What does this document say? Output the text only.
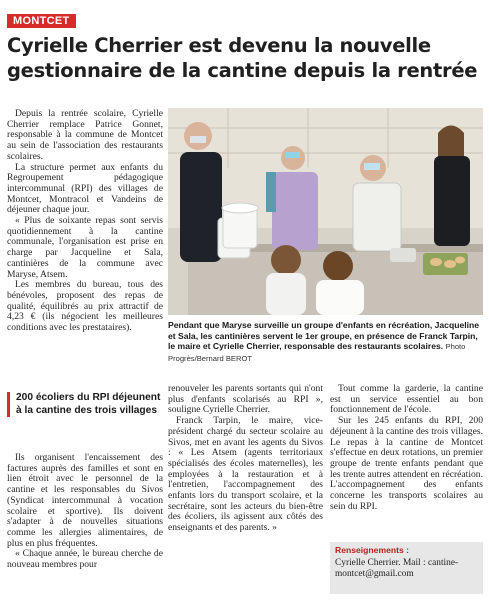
MONTCET
Cyrielle Cherrier est devenu la nouvelle gestionnaire de la cantine depuis la rentrée

Depuis la rentrée scolaire, Cyrielle Cherrier remplace Patrice Gonnet, responsable à la commune de Montcet au sein de l'association des restaurants scolaires.

La structure permet aux enfants du Regroupement pédagogique intercommunal (RPI) des villages de Montcet, Montracol et Vandeins de déjeuner chaque jour.

« Plus de soixante repas sont servis quotidiennement à la cantine communale, l'organisation est prise en charge par Jacqueline et Sala, cantinières de la commune avec Maryse, Atsem.

Les membres du bureau, tous des bénévoles, proposent des repas de qualité, équilibrés au prix attractif de 4,23 € (ils négocient les meilleures conditions avec les prestataires).

200 écoliers du RPI déjeunent à la cantine des trois villages

Ils organisent l'encaissement des factures auprès des familles et sont en lien étroit avec le personnel de la cantine et les responsables du Sivos (Syndicat intercommunal à vocation scolaire et sportive). Ils doivent s'adapter à de nouvelles situations comme les allergies alimentaires, de plus en plus fréquentes.

« Chaque année, le bureau cherche de nouveau membres pour

Pendant que Maryse surveille un groupe d'enfants en récréation, Jacqueline et Sala, les cantinières servent le 1er groupe, en présence de Franck Tarpin, le maire et Cyrielle Cherrier, responsable des restaurants scolaires. Photo Progrès/Bernard BEROT

renouveler les parents sortants qui n'ont plus d'enfants scolarisés au RPI », souligne Cyrielle Cherrier.

Franck Tarpin, le maire, vice-président chargé du secteur scolaire au Sivos, met en avant les agents du Sivos : « Les Atsem (agents territoriaux spécialisés des écoles maternelles), les employées à la restauration et à l'entretien, l'accompagnement des enfants lors du transport scolaire, et la secrétaire, sont les acteurs du bien-être des écoliers, ils agissent aux côtés des enseignants et des parents. »

Tout comme la garderie, la cantine est un service essentiel au bon fonctionnement de l'école.

Sur les 245 enfants du RPI, 200 déjeunent à la cantine des trois villages. Le repas à la cantine de Montcet s'effectue en deux rotations, un premier groupe de trente enfants pendant que les trente autres attendent en récréation. L'accompagnement des enfants concerne les transports scolaires au sein du RPI.

Renseignements :
Cyrielle Cherrier. Mail : cantine-montcet@gmail.com
